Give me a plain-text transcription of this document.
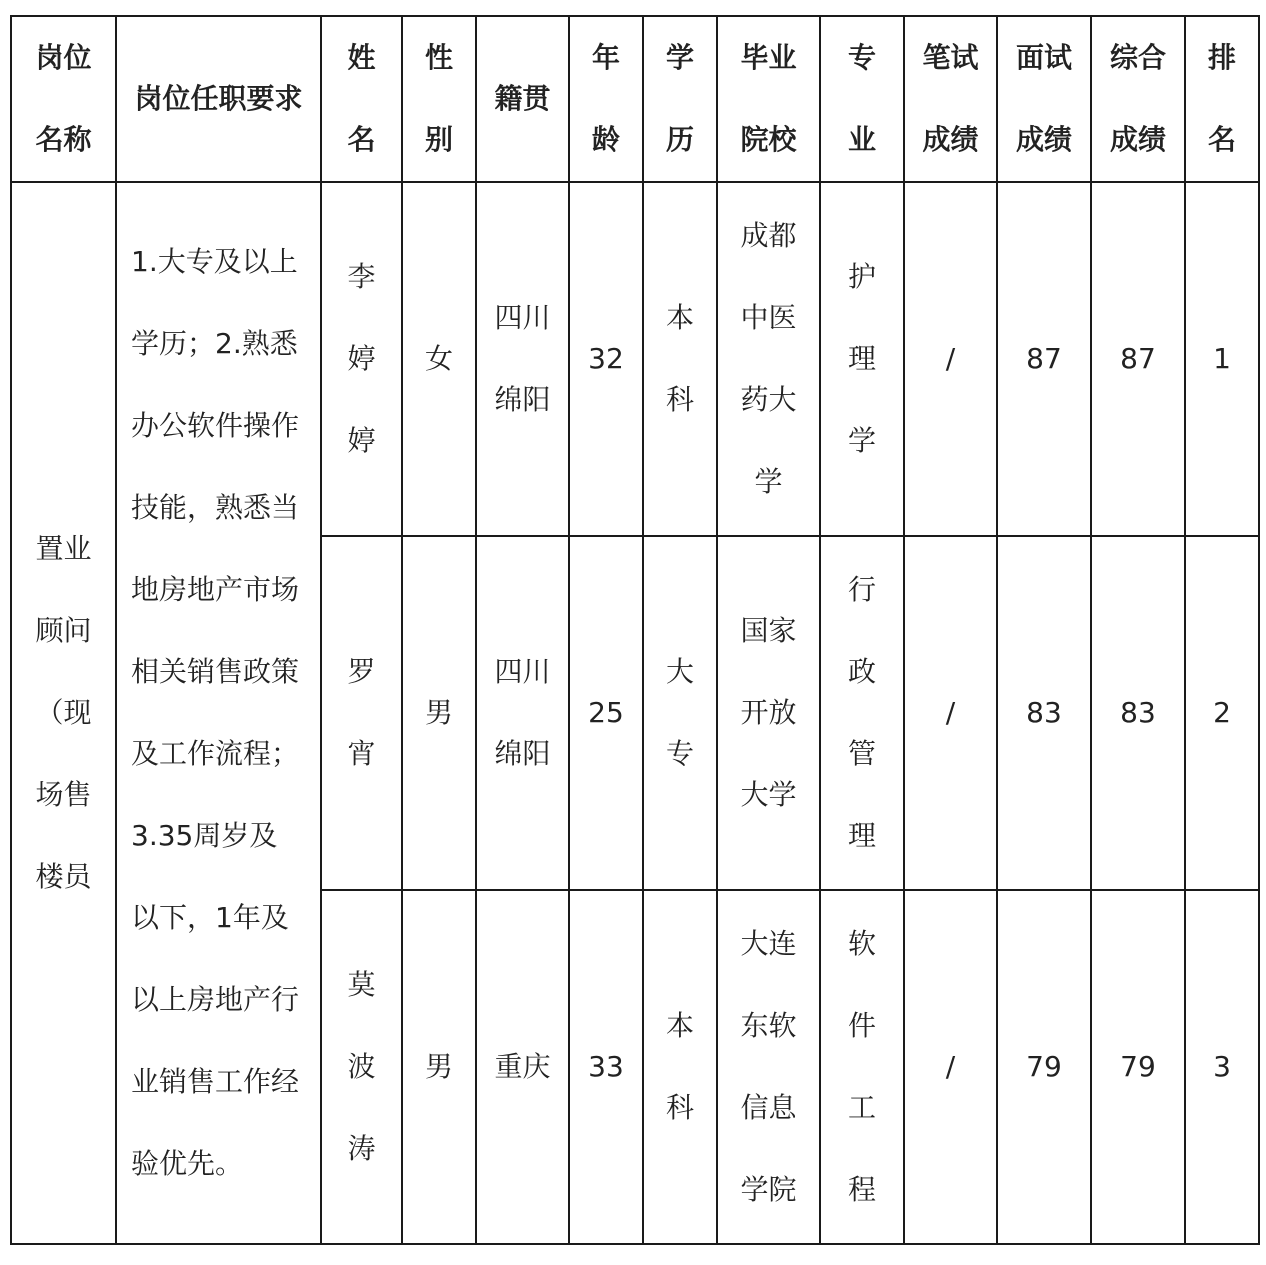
岗位名称	岗位任职要求	姓名	性别	籍贯	年龄	学历	毕业院校	专业	笔试成绩	面试成绩	综合成绩	排名

置业顾问（现场售楼员	1.大专及以上学历；2.熟悉办公软件操作技能，熟悉当地房地产市场相关销售政策及工作流程；3.35周岁及以下，1年及以上房地产行业销售工作经验优先。	李婷婷	女	四川绵阳	32	本科	成都中医药大学	护理学	/	87	87	1

		罗宵	男	四川绵阳	25	大专	国家开放大学	行政管理	/	83	83	2

		莫波涛	男	重庆	33	本科	大连东软信息学院	软件工程	/	79	79	3
